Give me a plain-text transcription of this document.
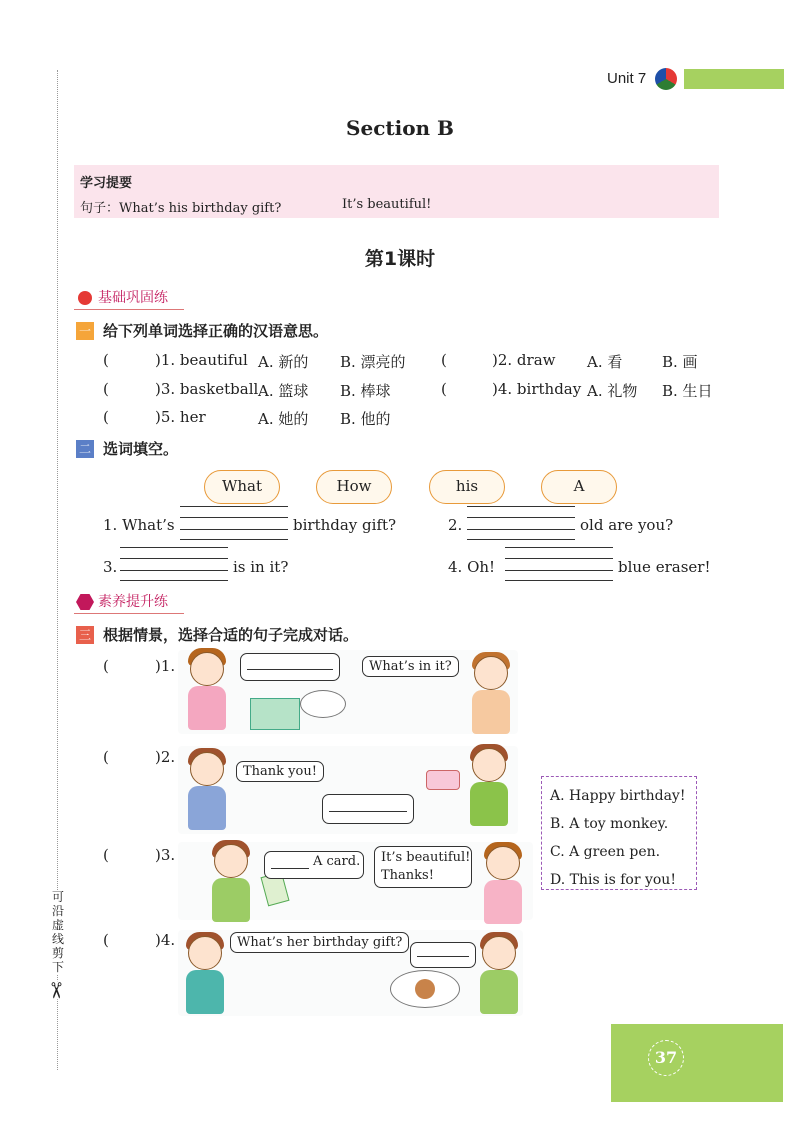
可沿虚线剪下
✂
Unit 7
Section B
学习提要
句子：What’s his birthday gift?	It’s beautiful!
第1课时
基础巩固练
一 给下列单词选择正确的汉语意思。
(	)1. beautiful A. 新的 B. 漂亮的 (	)2. draw A. 看	B. 画
(	)3. basketball A. 篮球 B. 棒球	(	)4. birthday A. 礼物 B. 生日
(	)5. her	A. 她的 B. 他的
二 选词填空。
What	How	his	A
1. What’s	birthday gift?	2.	old are you?
3.	is in it?	4. Oh!	blue eraser!
素养提升练
三 根据情景，选择合适的句子完成对话。
(	)1.	What’s in it?
(	)2.
Thank you!
A. Happy birthday!
B. A toy monkey.
C. A green pen.
D. This is for you!
(	)3.	A card. It’s beautiful!
Thanks!
(	)4.	What’s her birthday gift?
37
